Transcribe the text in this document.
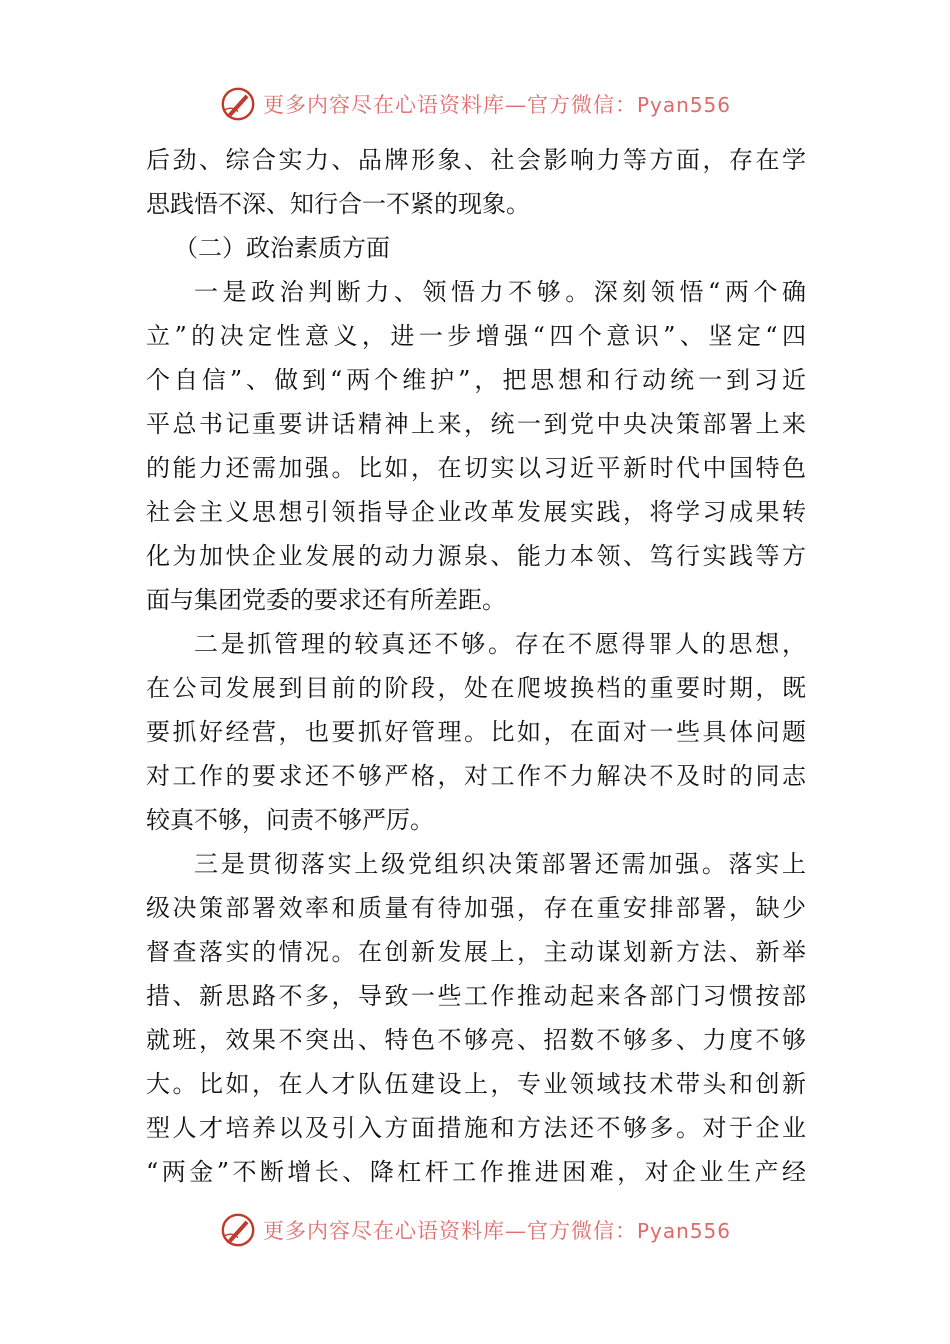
更多内容尽在心语资料库—官方微信：Pyan556
后劲、综合实力、品牌形象、社会影响力等方面，存在学
思践悟不深、知行合一不紧的现象。
（二）政治素质方面
一是政治判断力、领悟力不够。深刻领悟“两个确
立”的决定性意义，进一步增强“四个意识”、坚定“四
个自信”、做到“两个维护”，把思想和行动统一到习近
平总书记重要讲话精神上来，统一到党中央决策部署上来
的能力还需加强。比如，在切实以习近平新时代中国特色
社会主义思想引领指导企业改革发展实践，将学习成果转
化为加快企业发展的动力源泉、能力本领、笃行实践等方
面与集团党委的要求还有所差距。
二是抓管理的较真还不够。存在不愿得罪人的思想，
在公司发展到目前的阶段，处在爬坡换档的重要时期，既
要抓好经营，也要抓好管理。比如，在面对一些具体问题
对工作的要求还不够严格，对工作不力解决不及时的同志
较真不够，问责不够严厉。
三是贯彻落实上级党组织决策部署还需加强。落实上
级决策部署效率和质量有待加强，存在重安排部署，缺少
督查落实的情况。在创新发展上，主动谋划新方法、新举
措、新思路不多，导致一些工作推动起来各部门习惯按部
就班，效果不突出、特色不够亮、招数不够多、力度不够
大。比如，在人才队伍建设上，专业领域技术带头和创新
型人才培养以及引入方面措施和方法还不够多。对于企业
“两金”不断增长、降杠杆工作推进困难，对企业生产经
更多内容尽在心语资料库—官方微信：Pyan556
